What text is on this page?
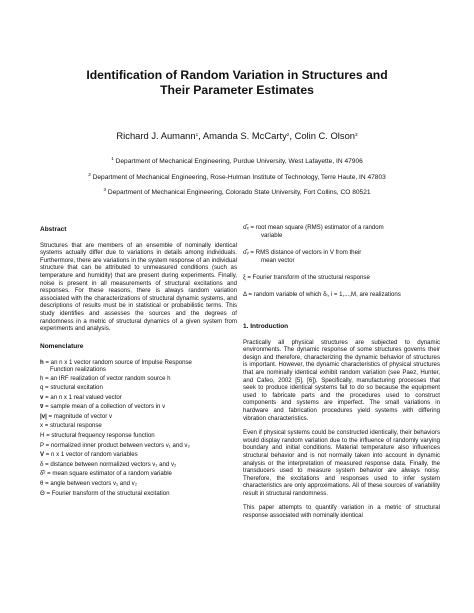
Identification of Random Variation in Structures and
Their Parameter Estimates
Richard J. Aumann$^1$, Amanda S. McCarty$^2$, Colin C. Olson$^3$
$^1$ Department of Mechanical Engineering, Purdue University, West Lafayette, IN 47906
$^2$ Department of Mechanical Engineering, Rose-Hulman Institute of Technology, Terre Haute, IN 47803
$^3$ Department of Mechanical Engineering, Colorado State University, Fort Collins, CO 80521
Abstract
Structures that are members of an ensemble of nominally identical systems actually differ due to variations in details among individuals. Furthermore, there are variations in the system response of an individual structure that can be attributed to unmeasured conditions (such as temperature and humidity) that are present during experiments. Finally, noise is present in all measurements of structural excitations and responses. For these reasons, there is always random variation associated with the characterizations of structural dynamic systems, and descriptions of results must be in statistical or probabilistic terms. This study identifies and assesses the sources and the degrees of randomness in a metric of structural dynamics of a given system from experiments and analysis.
Nomenclature
h = an n x 1 vector random source of Impulse Response
Function realizations
h = an IRF realization of vector random source h
q = structural excitation
v = an n x 1 real valued vector
v̄ = sample mean of a collection of vectors in v
|v| = magnitude of vector v
x = structural response
H = structural frequency response function
P = normalized inner product between vectors v₁ and v₂
V = n x 1 vector of random variables
δ = distance between normalized vectors v₁ and v₂
δ̂² = mean square estimator of a random variable
θ = angle between vectors v₁ and v₂
Θ = Fourier transform of the structural excitation
σ̂ₓ = root mean square (RMS) estimator of a random
variable
σ̂ᵥ = RMS distance of vectors in V from their
mean vector
ξ = Fourier transform of the structural response
Δ = random variable of which δᵢ, i = 1,...,M, are realizations
1. Introduction
Practically all physical structures are subjected to dynamic environments. The dynamic response of some structures governs their design and therefore, characterizing the dynamic behavior of structures is important. However, the dynamic characteristics of physical structures that are nominally identical exhibit random variation (see Paez, Hunter, and Cafeo, 2002 [5], [6]). Specifically, manufacturing processes that seek to produce identical systems fail to do so because the equipment used to fabricate parts and the procedures used to construct components and systems are imperfect. The small variations in hardware and fabrication procedures yield systems with differing vibration characteristics.
Even if physical systems could be constructed identically, their behaviors would display random variation due to the influence of randomly varying boundary and initial conditions. Material temperature also influences structural behavior and is not normally taken into account in dynamic analysis or the interpretation of measured response data. Finally, the transducers used to measure system behavior are always noisy. Therefore, the excitations and responses used to infer system characteristics are only approximations. All of these sources of variability result in structural randomness.
This paper attempts to quantify variation in a metric of structural response associated with nominally identical
